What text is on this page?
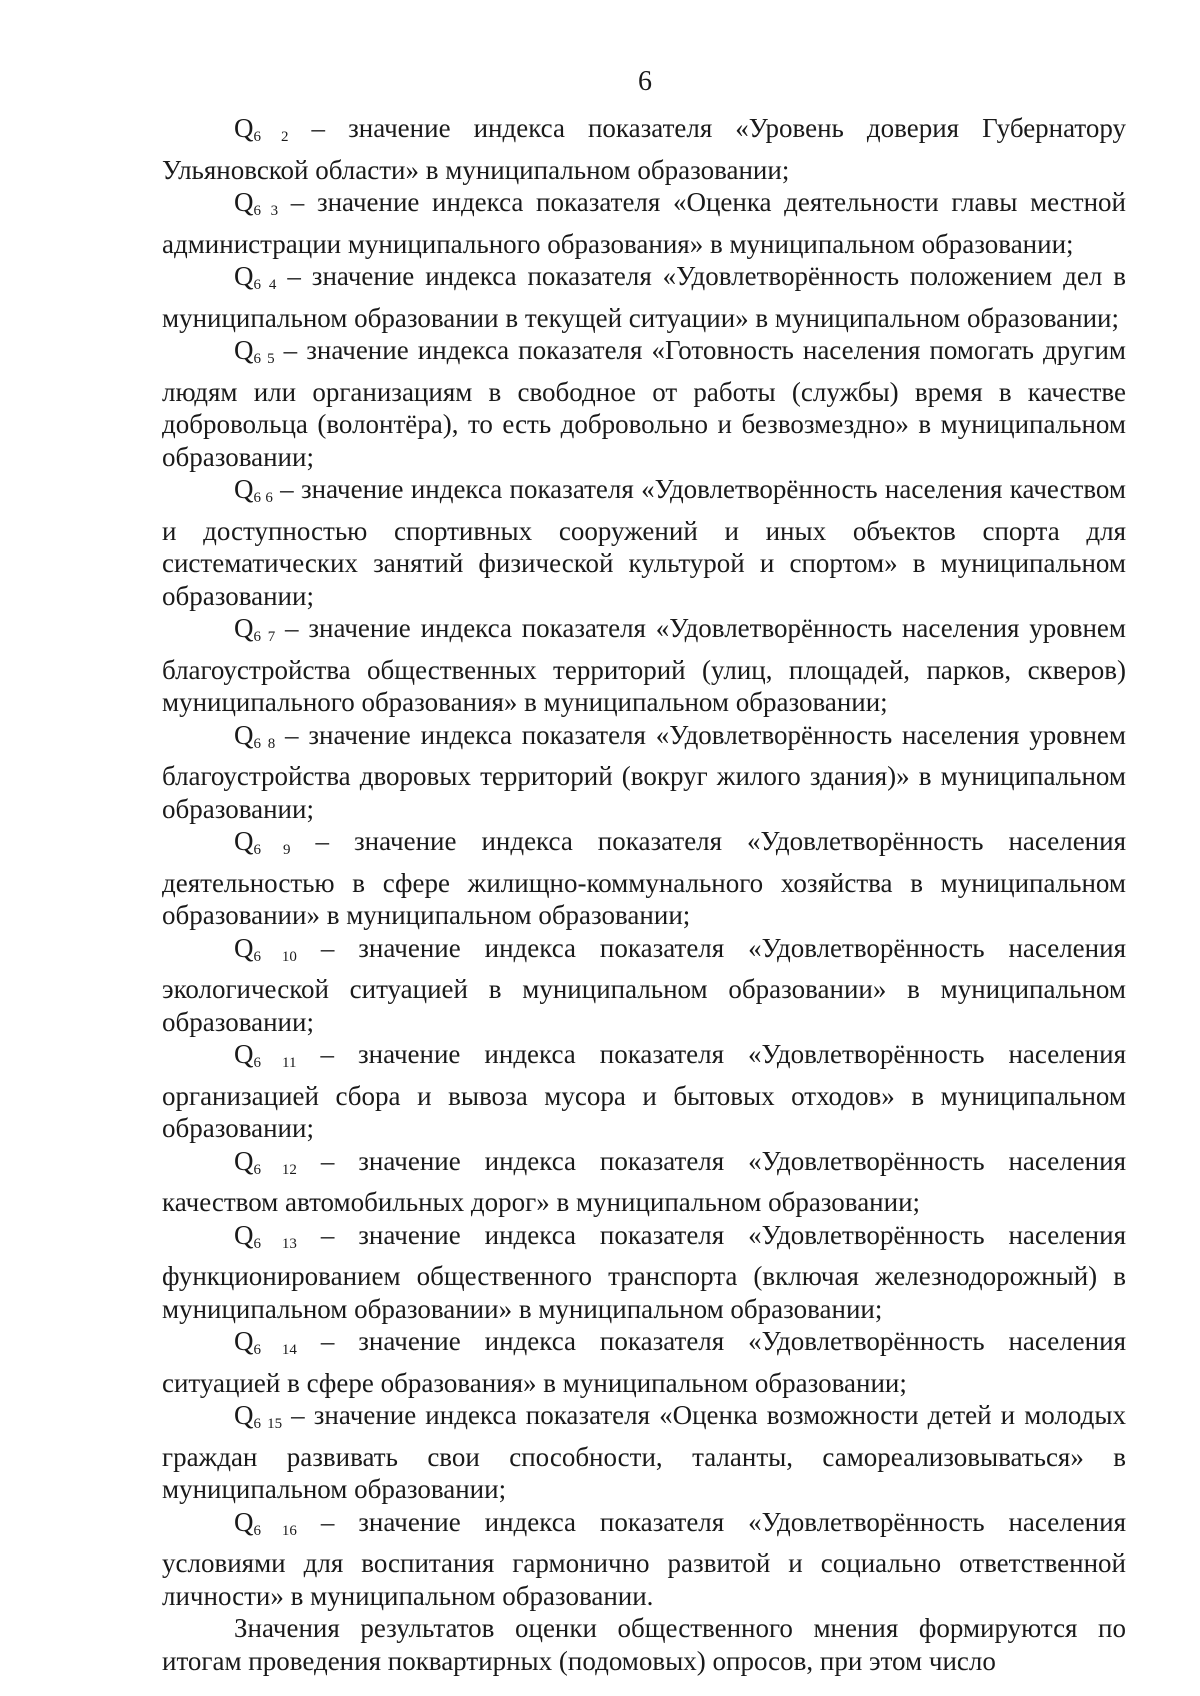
6

$Q_{6 2}$ – значение индекса показателя «Уровень доверия Губернатору Ульяновской области» в муниципальном образовании;

$Q_{6 3}$ – значение индекса показателя «Оценка деятельности главы местной администрации муниципального образования» в муниципальном образовании;

$Q_{6 4}$ – значение индекса показателя «Удовлетворённость положением дел в муниципальном образовании в текущей ситуации» в муниципальном образовании;

$Q_{6 5}$ – значение индекса показателя «Готовность населения помогать другим людям или организациям в свободное от работы (службы) время в качестве добровольца (волонтёра), то есть добровольно и безвозмездно» в муниципальном образовании;

$Q_{6 6}$ – значение индекса показателя «Удовлетворённость населения качеством и доступностью спортивных сооружений и иных объектов спорта для систематических занятий физической культурой и спортом» в муниципальном образовании;

$Q_{6 7}$ – значение индекса показателя «Удовлетворённость населения уровнем благоустройства общественных территорий (улиц, площадей, парков, скверов) муниципального образования» в муниципальном образовании;

$Q_{6 8}$ – значение индекса показателя «Удовлетворённость населения уровнем благоустройства дворовых территорий (вокруг жилого здания)» в муниципальном образовании;

$Q_{6 9}$ – значение индекса показателя «Удовлетворённость населения деятельностью в сфере жилищно-коммунального хозяйства в муниципальном образовании» в муниципальном образовании;

$Q_{6 10}$ – значение индекса показателя «Удовлетворённость населения экологической ситуацией в муниципальном образовании» в муниципальном образовании;

$Q_{6 11}$ – значение индекса показателя «Удовлетворённость населения организацией сбора и вывоза мусора и бытовых отходов» в муниципальном образовании;

$Q_{6 12}$ – значение индекса показателя «Удовлетворённость населения качеством автомобильных дорог» в муниципальном образовании;

$Q_{6 13}$ – значение индекса показателя «Удовлетворённость населения функционированием общественного транспорта (включая железнодорожный) в муниципальном образовании» в муниципальном образовании;

$Q_{6 14}$ – значение индекса показателя «Удовлетворённость населения ситуацией в сфере образования» в муниципальном образовании;

$Q_{6 15}$ – значение индекса показателя «Оценка возможности детей и молодых граждан развивать свои способности, таланты, самореализовываться» в муниципальном образовании;

$Q_{6 16}$ – значение индекса показателя «Удовлетворённость населения условиями для воспитания гармонично развитой и социально ответственной личности» в муниципальном образовании.

Значения результатов оценки общественного мнения формируются по итогам проведения поквартирных (подомовых) опросов, при этом число
